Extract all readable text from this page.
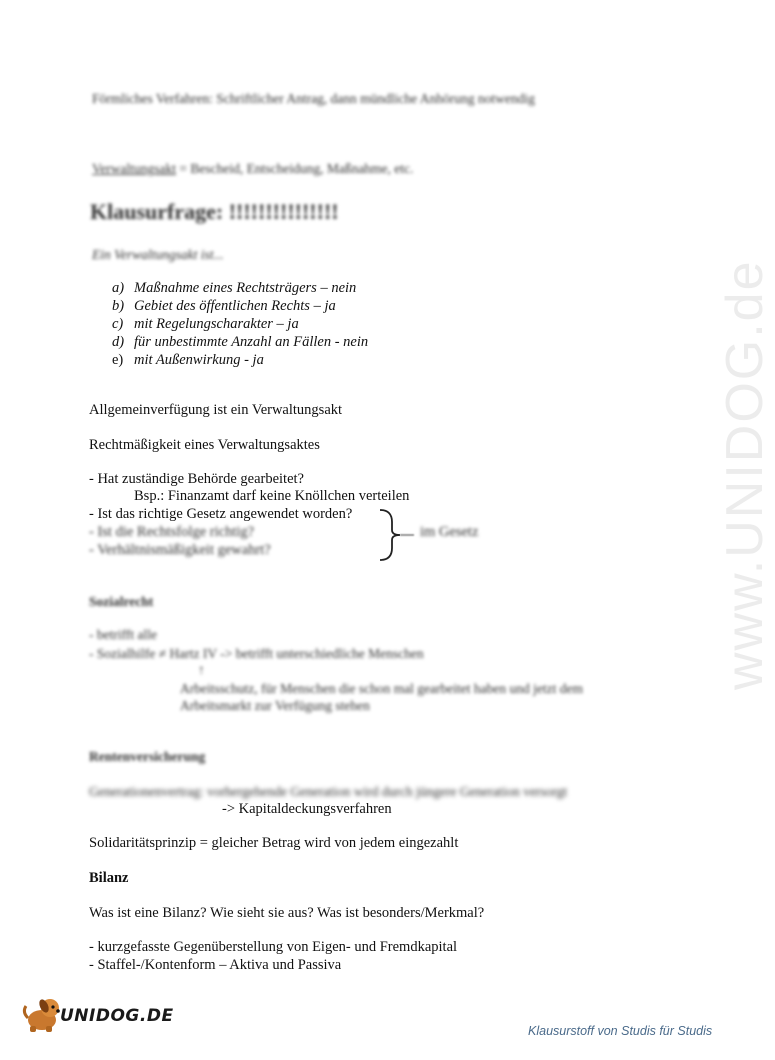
www.UNIDOG.de
Förmliches Verfahren: Schriftlicher Antrag, dann mündliche Anhörung notwendig
Verwaltungsakt = Bescheid, Entscheidung, Maßnahme, etc.
Klausurfrage: !!!!!!!!!!!!!!!
Ein Verwaltungsakt ist...
a) Maßnahme eines Rechtsträgers – nein
b) Gebiet des öffentlichen Rechts – ja
c) mit Regelungscharakter – ja
d) für unbestimmte Anzahl an Fällen - nein
e) mit Außenwirkung - ja
Allgemeinverfügung ist ein Verwaltungsakt
Rechtmäßigkeit eines Verwaltungsaktes
- Hat zuständige Behörde gearbeitet?
Bsp.: Finanzamt darf keine Knöllchen verteilen
- Ist das richtige Gesetz angewendet worden?
- Ist die Rechtsfolge richtig?
- Verhältnismäßigkeit gewahrt?
im Gesetz
Sozialrecht
- betrifft alle
- Sozialhilfe ≠ Hartz IV -> betrifft unterschiedliche Menschen
↑
Arbeitsschutz, für Menschen die schon mal gearbeitet haben und jetzt dem
Arbeitsmarkt zur Verfügung stehen
Rentenversicherung
Generationenvertrag: vorhergehende Generation wird durch jüngere Generation versorgt
-> Kapitaldeckungsverfahren
Solidaritätsprinzip = gleicher Betrag wird von jedem eingezahlt
Bilanz
Was ist eine Bilanz? Wie sieht sie aus? Was ist besonders/Merkmal?
- kurzgefasste Gegenüberstellung von Eigen- und Fremdkapital
- Staffel-/Kontenform – Aktiva und Passiva
UNIDOG.DE
Klausurstoff von Studis für Studis
